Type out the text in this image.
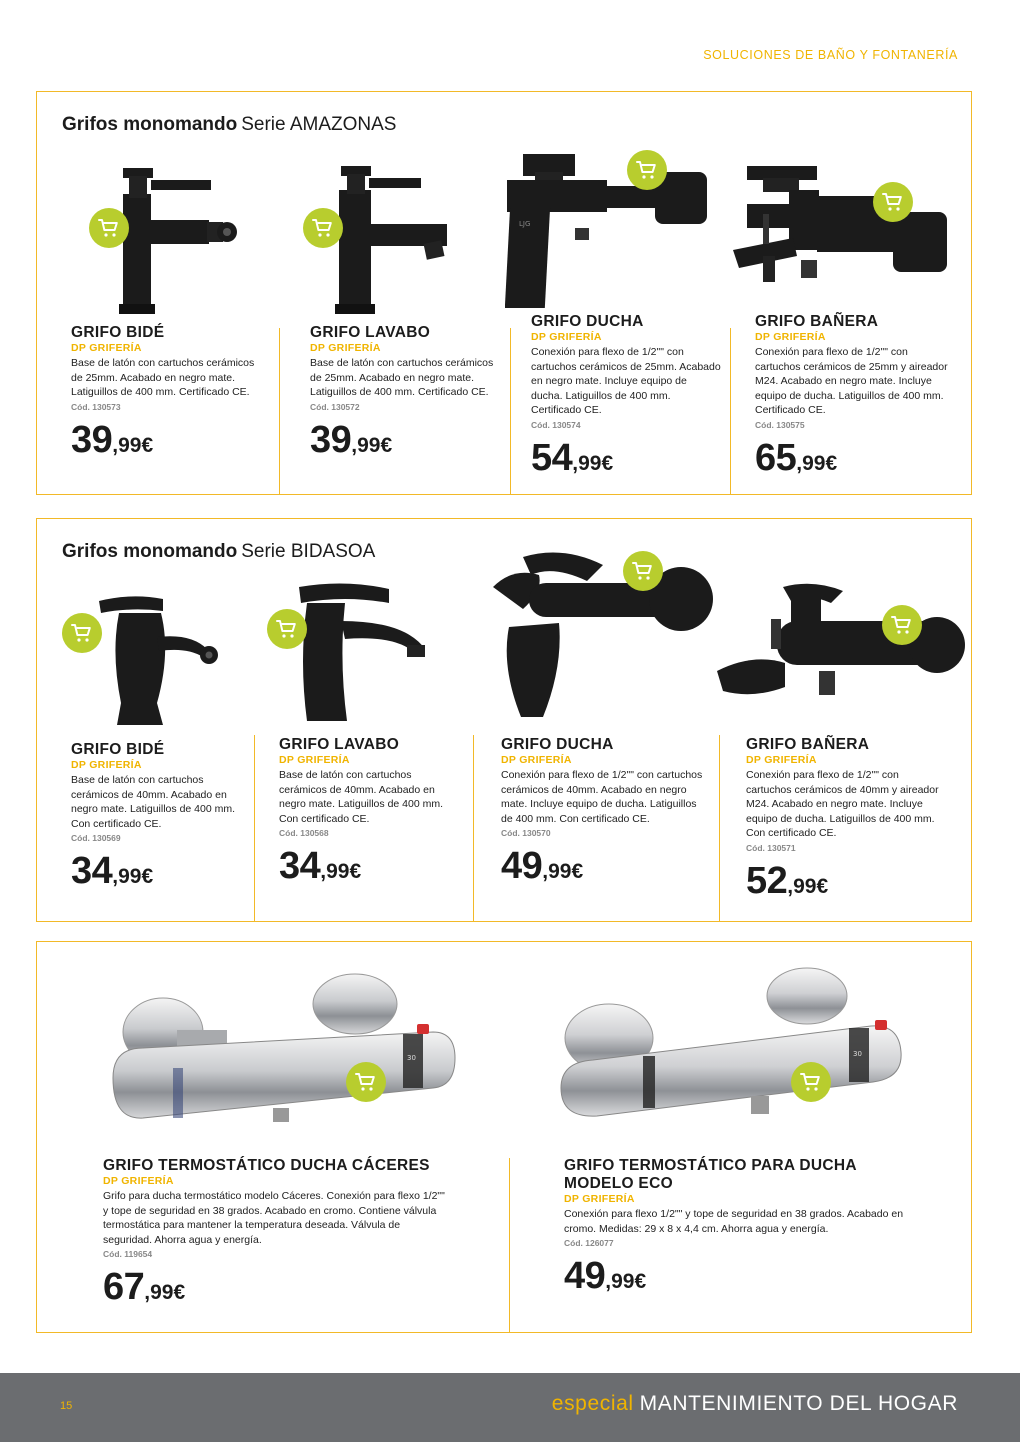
SOLUCIONES DE BAÑO Y FONTANERÍA
Grifos monomando Serie AMAZONAS
LJG
GRIFO BIDÉ
DP GRIFERÍA
Base de latón con cartuchos cerámicos de 25mm. Acabado en negro mate. Latiguillos de 400 mm. Certificado CE.
Cód. 130573
39,99€
GRIFO LAVABO
DP GRIFERÍA
Base de latón con cartuchos cerámicos de 25mm. Acabado en negro mate. Latiguillos de 400 mm. Certificado CE.
Cód. 130572
39,99€
GRIFO DUCHA
DP GRIFERÍA
Conexión para flexo de 1/2"" con cartuchos cerámicos de 25mm. Acabado en negro mate. Incluye equipo de ducha. Latiguillos de 400 mm. Certificado CE.
Cód. 130574
54,99€
GRIFO BAÑERA
DP GRIFERÍA
Conexión para flexo de 1/2"" con cartuchos cerámicos de 25mm y aireador M24. Acabado en negro mate. Incluye equipo de ducha. Latiguillos de 400 mm. Certificado CE.
Cód. 130575
65,99€
Grifos monomando Serie BIDASOA
GRIFO BIDÉ
DP GRIFERÍA
Base de latón con cartuchos cerámicos de 40mm. Acabado en negro mate. Latiguillos de 400 mm. Con certificado CE.
Cód. 130569
34,99€
GRIFO LAVABO
DP GRIFERÍA
Base de latón con cartuchos cerámicos de 40mm. Acabado en negro mate. Latiguillos de 400 mm. Con certificado CE.
Cód. 130568
34,99€
GRIFO DUCHA
DP GRIFERÍA
Conexión para flexo de 1/2"" con cartuchos cerámicos de 40mm. Acabado en negro mate. Incluye equipo de ducha. Latiguillos de 400 mm. Con certificado CE.
Cód. 130570
49,99€
GRIFO BAÑERA
DP GRIFERÍA
Conexión para flexo de 1/2"" con cartuchos cerámicos de 40mm y aireador M24. Acabado en negro mate. Incluye equipo de ducha. Latiguillos de 400 mm. Con certificado CE.
Cód. 130571
52,99€
30	30
GRIFO TERMOSTÁTICO DUCHA CÁCERES
DP GRIFERÍA
Grifo para ducha termostático modelo Cáceres. Conexión para flexo 1/2"" y tope de seguridad en 38 grados. Acabado en cromo. Contiene válvula termostática para mantener la temperatura deseada. Válvula de seguridad. Ahorra agua y energía.
Cód. 119654
67,99€
GRIFO TERMOSTÁTICO PARA DUCHA MODELO ECO
DP GRIFERÍA
Conexión para flexo 1/2"" y tope de seguridad en 38 grados. Acabado en cromo. Medidas: 29 x 8 x 4,4 cm. Ahorra agua y energía.
Cód. 126077
49,99€
15	especial MANTENIMIENTO DEL HOGAR
